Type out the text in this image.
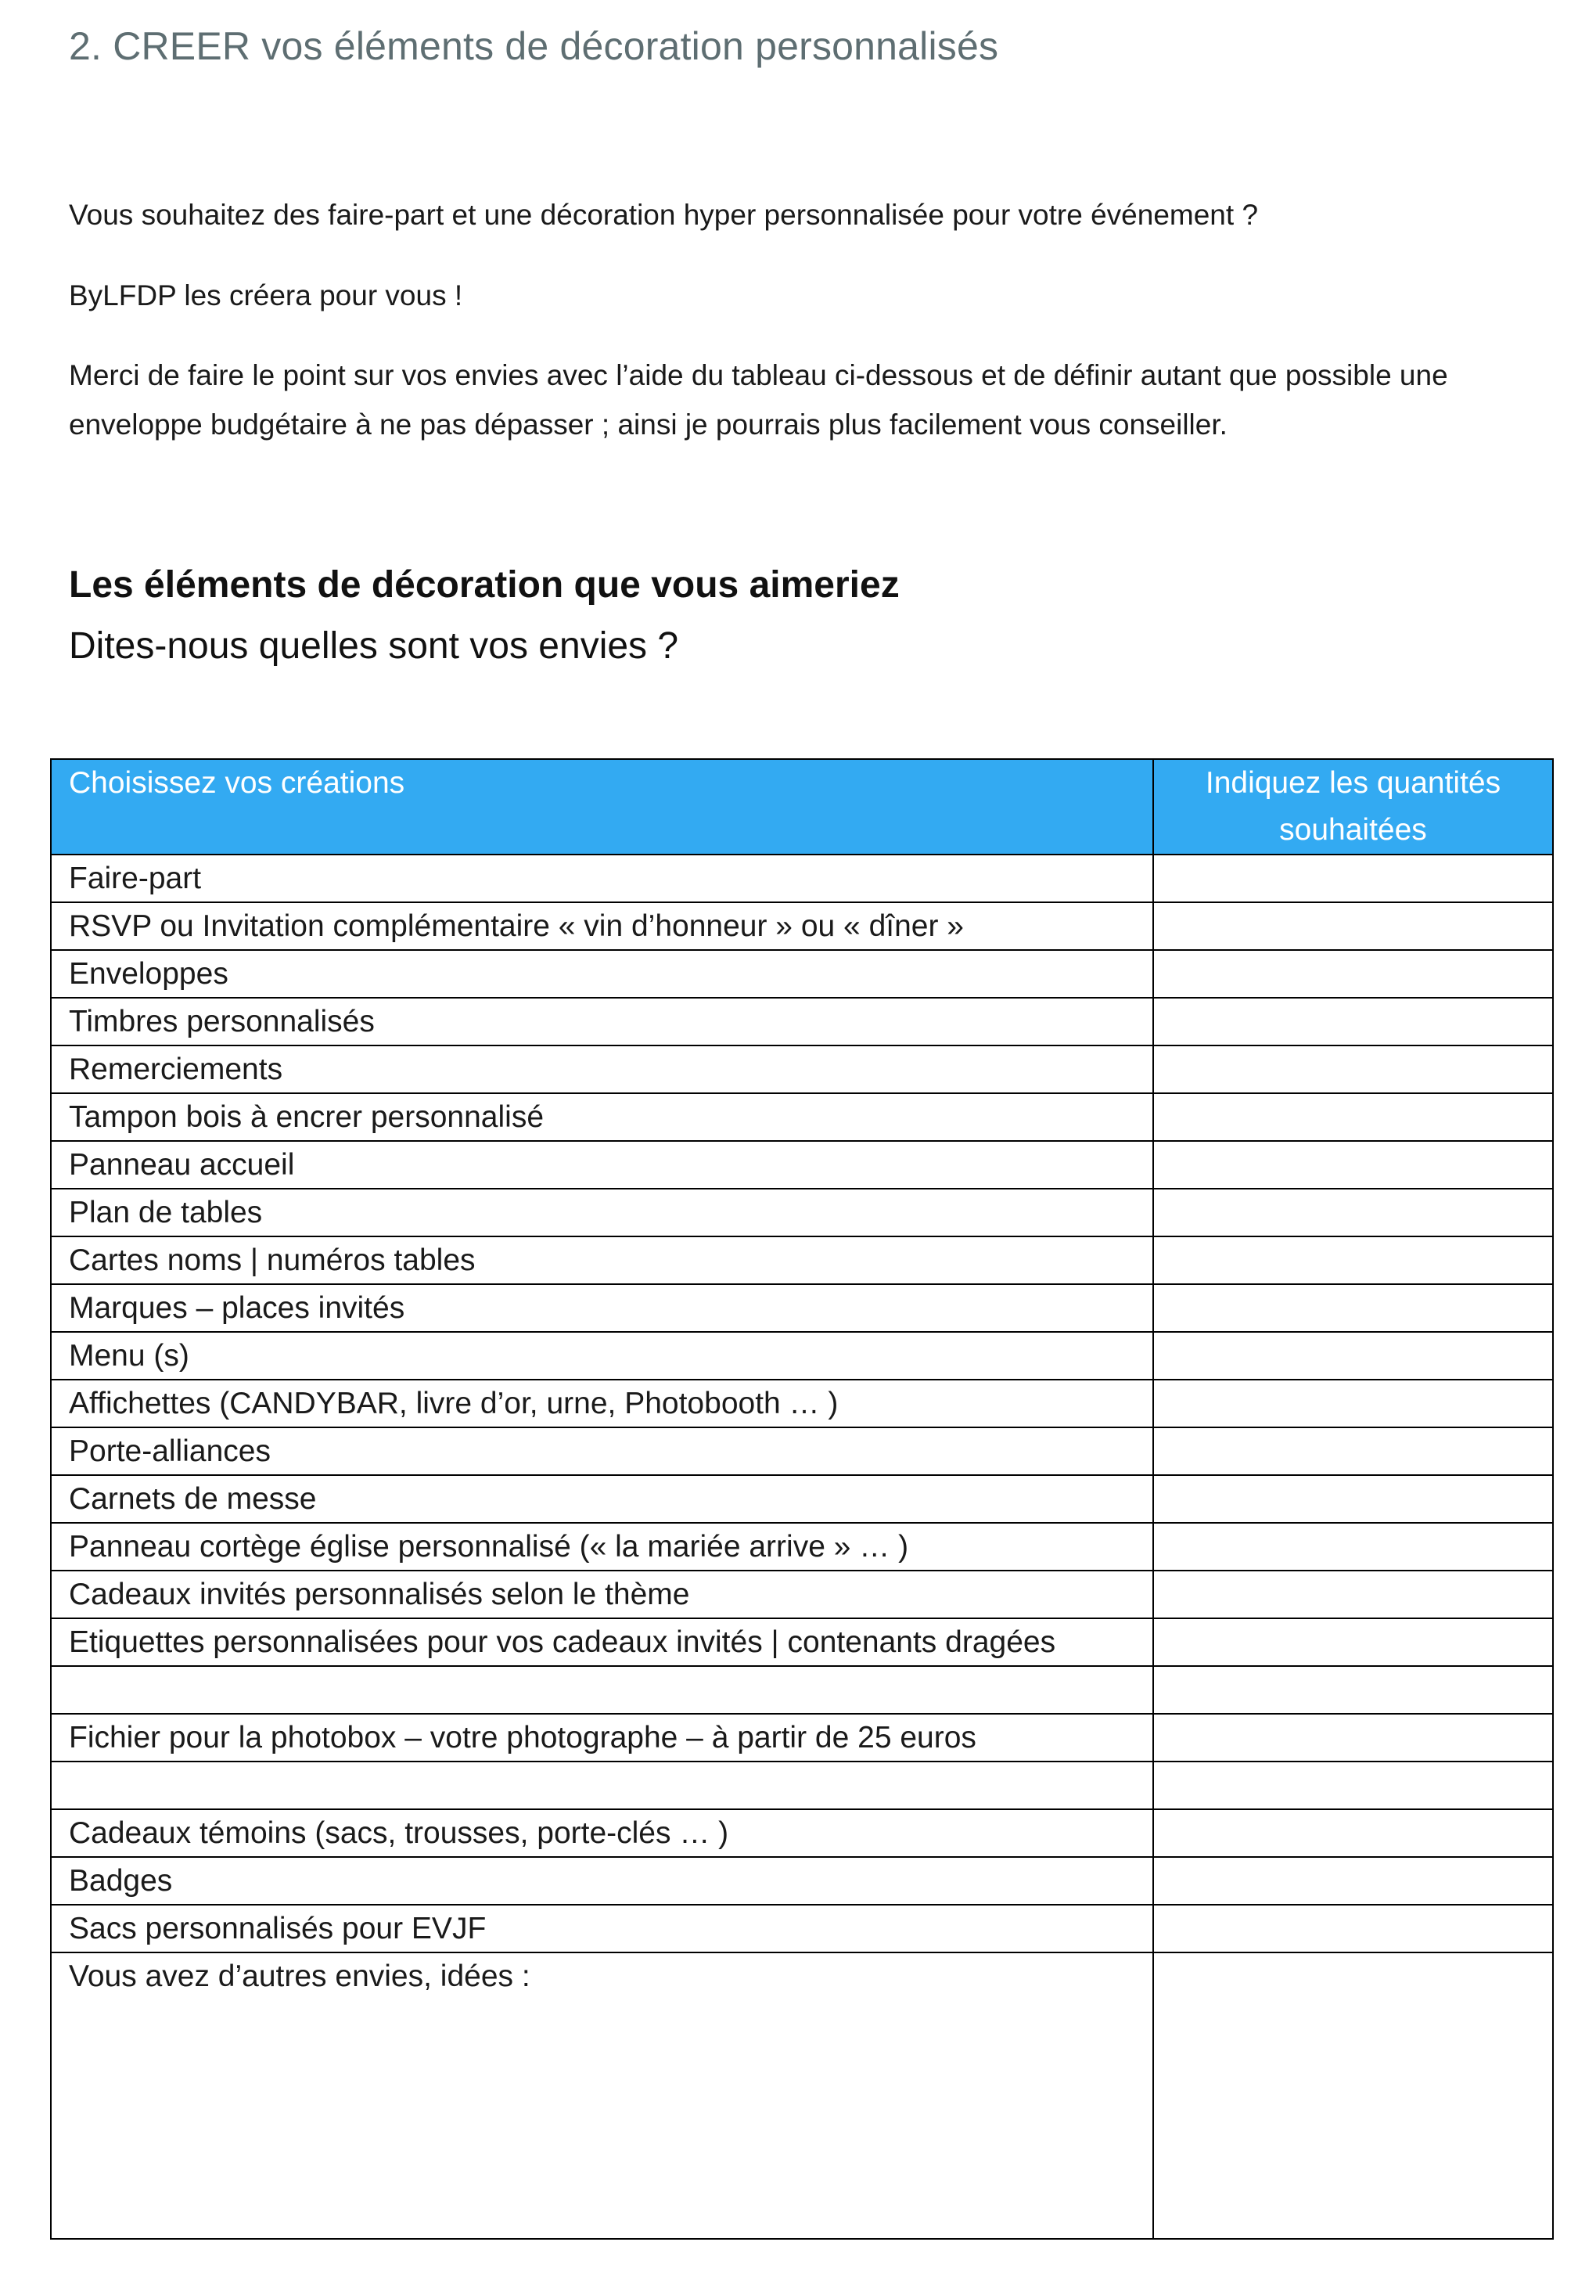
2. CREER vos éléments de décoration personnalisés
Vous souhaitez des faire-part et une décoration hyper personnalisée pour votre événement ?
ByLFDP les créera pour vous !
Merci de faire le point sur vos envies avec l’aide du tableau ci-dessous et de définir autant que possible une enveloppe budgétaire à ne pas dépasser ; ainsi je pourrais plus facilement vous conseiller.
Les éléments de décoration que vous aimeriez
Dites-nous quelles sont vos envies ?
Choisissez vos créations	Indiquez les quantités souhaitées
Faire-part	
RSVP ou Invitation complémentaire « vin d’honneur » ou « dîner »	
Enveloppes	
Timbres personnalisés	
Remerciements	
Tampon bois à encrer personnalisé	
Panneau accueil	
Plan de tables	
Cartes noms | numéros tables	
Marques – places invités	
Menu (s)	
Affichettes (CANDYBAR, livre d’or, urne, Photobooth … )	
Porte-alliances	
Carnets de messe	
Panneau cortège église personnalisé (« la mariée arrive » … )	
Cadeaux invités personnalisés selon le thème	
Etiquettes personnalisées pour vos cadeaux invités | contenants dragées	

Fichier pour la photobox – votre photographe – à partir de 25 euros	

Cadeaux témoins (sacs, trousses, porte-clés … )	
Badges	
Sacs personnalisés pour EVJF	
Vous avez d’autres envies, idées :	
